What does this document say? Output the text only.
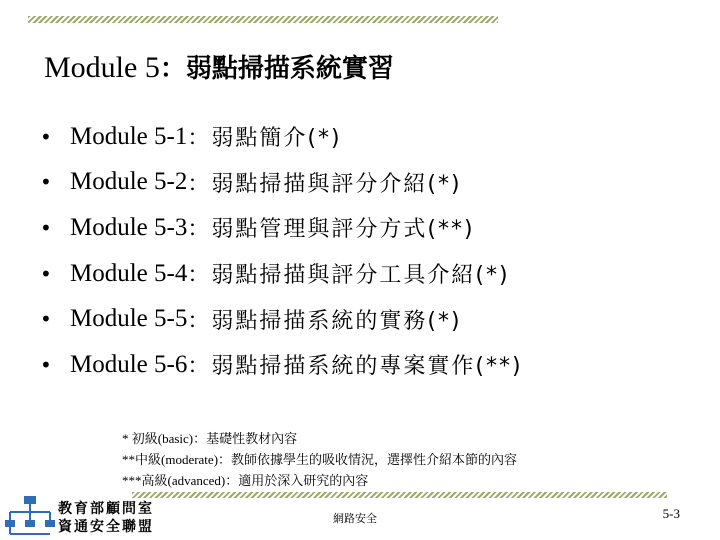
Module 5：弱點掃描系統實習
• Module 5-1 ：弱點簡介(*)
• Module 5-2 ：弱點掃描與評分介紹(*)
• Module 5-3 ：弱點管理與評分方式(**)
• Module 5-4 ：弱點掃描與評分工具介紹(*)
• Module 5-5 ：弱點掃描系統的實務(*)
• Module 5-6 ：弱點掃描系統的專案實作(**)
* 初級(basic)：基礎性教材內容
**中級(moderate)：教師依據學生的吸收情況，選擇性介紹本節的內容
***高級(advanced)：適用於深入研究的內容
教育部顧問室
資通安全聯盟
網路安全	5-3
